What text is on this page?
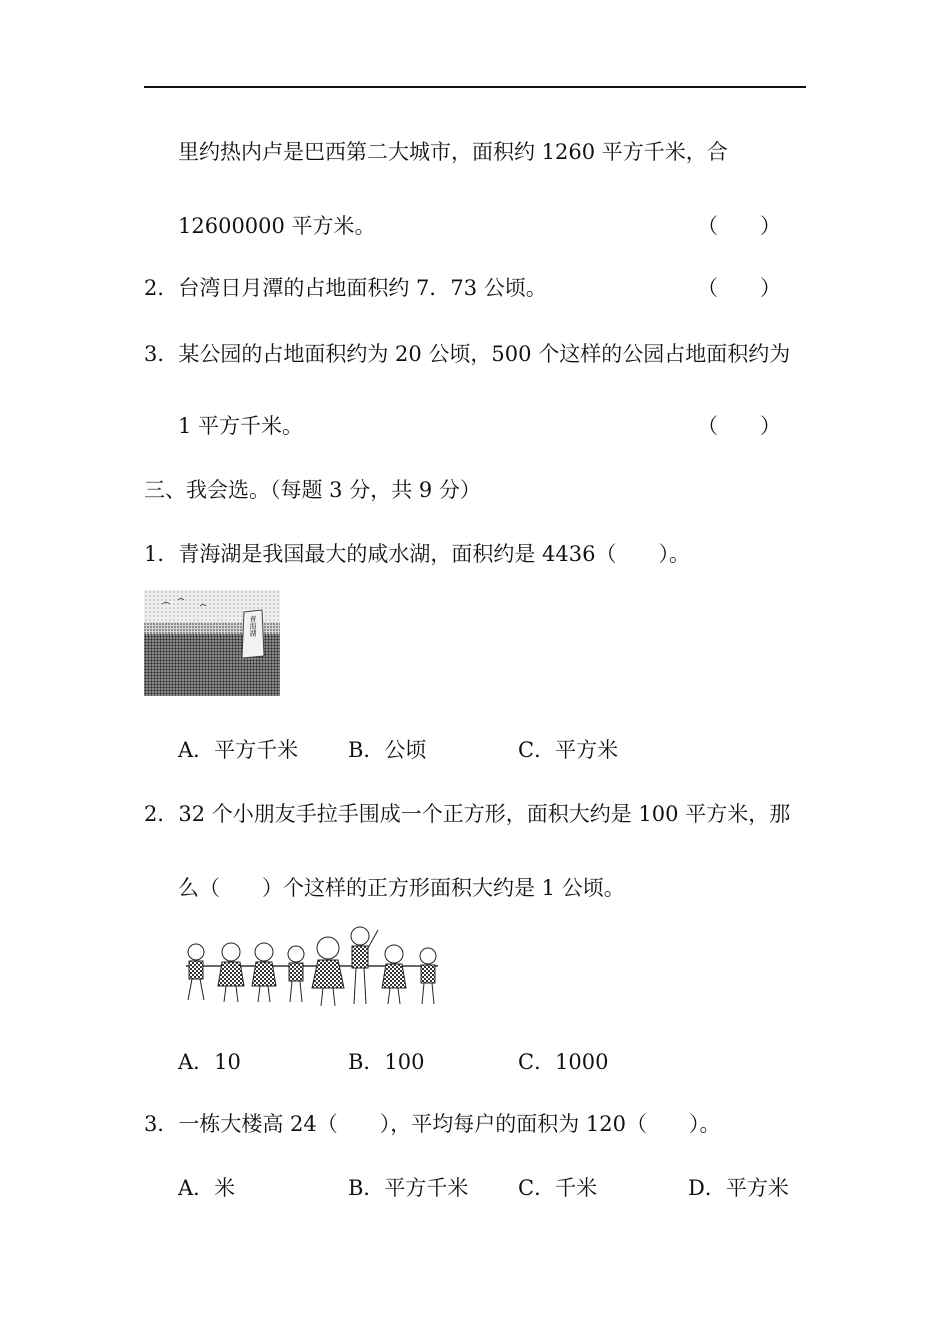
里约热内卢是巴西第二大城市，面积约 1260 平方千米，合
12600000 平方米。	（　　）
2．台湾日月潭的占地面积约 7．73 公顷。	（　　）
3．某公园的占地面积约为 20 公顷，500 个这样的公园占地面积约为
1 平方千米。	（　　）
三、我会选。（每题 3 分，共 9 分）
1．青海湖是我国最大的咸水湖，面积约是 4436（　　）。
青海湖
A．平方千米 B．公顷	C．平方米
2．32 个小朋友手拉手围成一个正方形，面积大约是 100 平方米，那
么（　　）个这样的正方形面积大约是 1 公顷。
A．10	B．100	C．1000
3．一栋大楼高 24（　　），平均每户的面积为 120（　　）。
A．米	B．平方千米 C．千米	D．平方米
